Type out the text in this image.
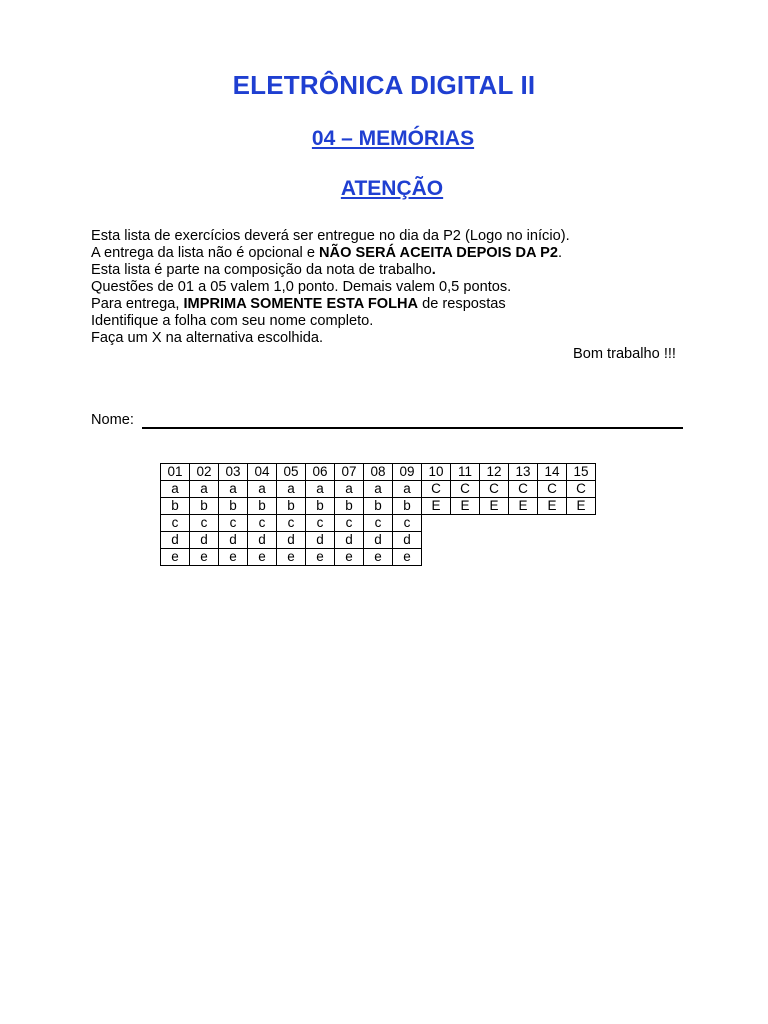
ELETRÔNICA DIGITAL II
04 – MEMÓRIAS
ATENÇÃO

Esta lista de exercícios deverá ser entregue no dia da P2 (Logo no início).

A entrega da lista não é opcional e NÃO SERÁ ACEITA DEPOIS DA P2.

Esta lista é parte na composição da nota de trabalho.

Questões de 01 a 05 valem 1,0 ponto. Demais valem 0,5 pontos.

Para entrega, IMPRIMA SOMENTE ESTA FOLHA de respostas

Identifique a folha com seu nome completo.

Faça um X na alternativa escolhida.

Bom trabalho !!!
Nome:
01	02	03	04	05	06	07	08	09	10	11	12	13	14	15
a	a	a	a	a	a	a	a	a	C	C	C	C	C	C
b	b	b	b	b	b	b	b	b	E	E	E	E	E	E
c	c	c	c	c	c	c	c	c						
d	d	d	d	d	d	d	d	d						
e	e	e	e	e	e	e	e	e						
